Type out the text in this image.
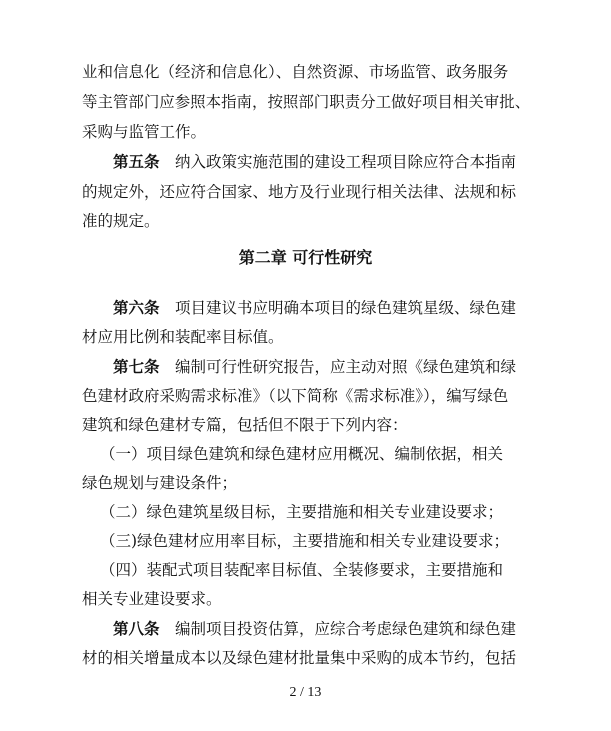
业和信息化（经济和信息化）、自然资源、市场监管、政务服务
等主管部门应参照本指南，按照部门职责分工做好项目相关审批、
采购与监管工作。
第五条 纳入政策实施范围的建设工程项目除应符合本指南
的规定外，还应符合国家、地方及行业现行相关法律、法规和标
准的规定。
第二章 可行性研究
第六条 项目建议书应明确本项目的绿色建筑星级、绿色建
材应用比例和装配率目标值。
第七条 编制可行性研究报告，应主动对照《绿色建筑和绿
色建材政府采购需求标准》（以下简称《需求标准》），编写绿色
建筑和绿色建材专篇，包括但不限于下列内容：
（一）项目绿色建筑和绿色建材应用概况、编制依据，相关
绿色规划与建设条件；
（二）绿色建筑星级目标，主要措施和相关专业建设要求；
（三)绿色建材应用率目标，主要措施和相关专业建设要求；
（四）装配式项目装配率目标值、全装修要求，主要措施和
相关专业建设要求。
第八条 编制项目投资估算，应综合考虑绿色建筑和绿色建
材的相关增量成本以及绿色建材批量集中采购的成本节约，包括
2 / 13
